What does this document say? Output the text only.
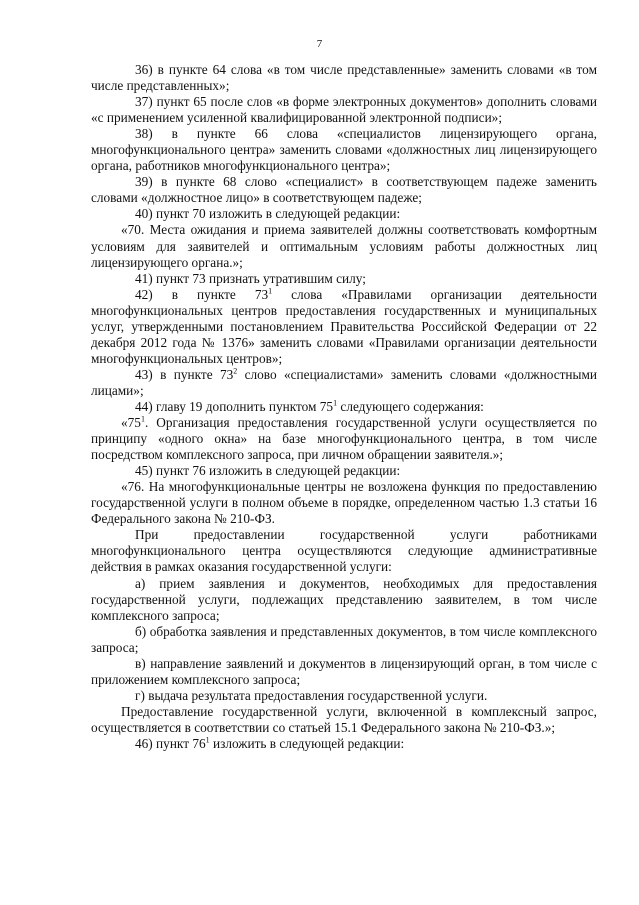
7

36) в пункте 64 слова «в том числе представленные» заменить словами «в том числе представленных»;

37) пункт 65 после слов «в форме электронных документов» дополнить словами «с применением усиленной квалифицированной электронной подписи»;

38) в пункте 66 слова «специалистов лицензирующего органа, многофункционального центра» заменить словами «должностных лиц лицензирующего органа, работников многофункционального центра»;

39) в пункте 68 слово «специалист» в соответствующем падеже заменить словами «должностное лицо» в соответствующем падеже;

40) пункт 70 изложить в следующей редакции:

«70. Места ожидания и приема заявителей должны соответствовать комфортным условиям для заявителей и оптимальным условиям работы должностных лиц лицензирующего органа.»;

41) пункт 73 признать утратившим силу;

42) в пункте $73^1$ слова «Правилами организации деятельности многофункциональных центров предоставления государственных и муниципальных услуг, утвержденными постановлением Правительства Российской Федерации от 22 декабря 2012 года № 1376» заменить словами «Правилами организации деятельности многофункциональных центров»;

43) в пункте $73^2$ слово «специалистами» заменить словами «должностными лицами»;

44) главу 19 дополнить пунктом $75^1$ следующего содержания:

«$75^1$. Организация предоставления государственной услуги осуществляется по принципу «одного окна» на базе многофункционального центра, в том числе посредством комплексного запроса, при личном обращении заявителя.»;

45) пункт 76 изложить в следующей редакции:

«76. На многофункциональные центры не возложена функция по предоставлению государственной услуги в полном объеме в порядке, определенном частью 1.3 статьи 16 Федерального закона № 210-ФЗ.

При предоставлении государственной услуги работниками многофункционального центра осуществляются следующие административные действия в рамках оказания государственной услуги:

а) прием заявления и документов, необходимых для предоставления государственной услуги, подлежащих представлению заявителем, в том числе комплексного запроса;

б) обработка заявления и представленных документов, в том числе комплексного запроса;

в) направление заявлений и документов в лицензирующий орган, в том числе с приложением комплексного запроса;

г) выдача результата предоставления государственной услуги.

Предоставление государственной услуги, включенной в комплексный запрос, осуществляется в соответствии со статьей 15.1 Федерального закона № 210-ФЗ.»;

46) пункт $76^1$ изложить в следующей редакции:
